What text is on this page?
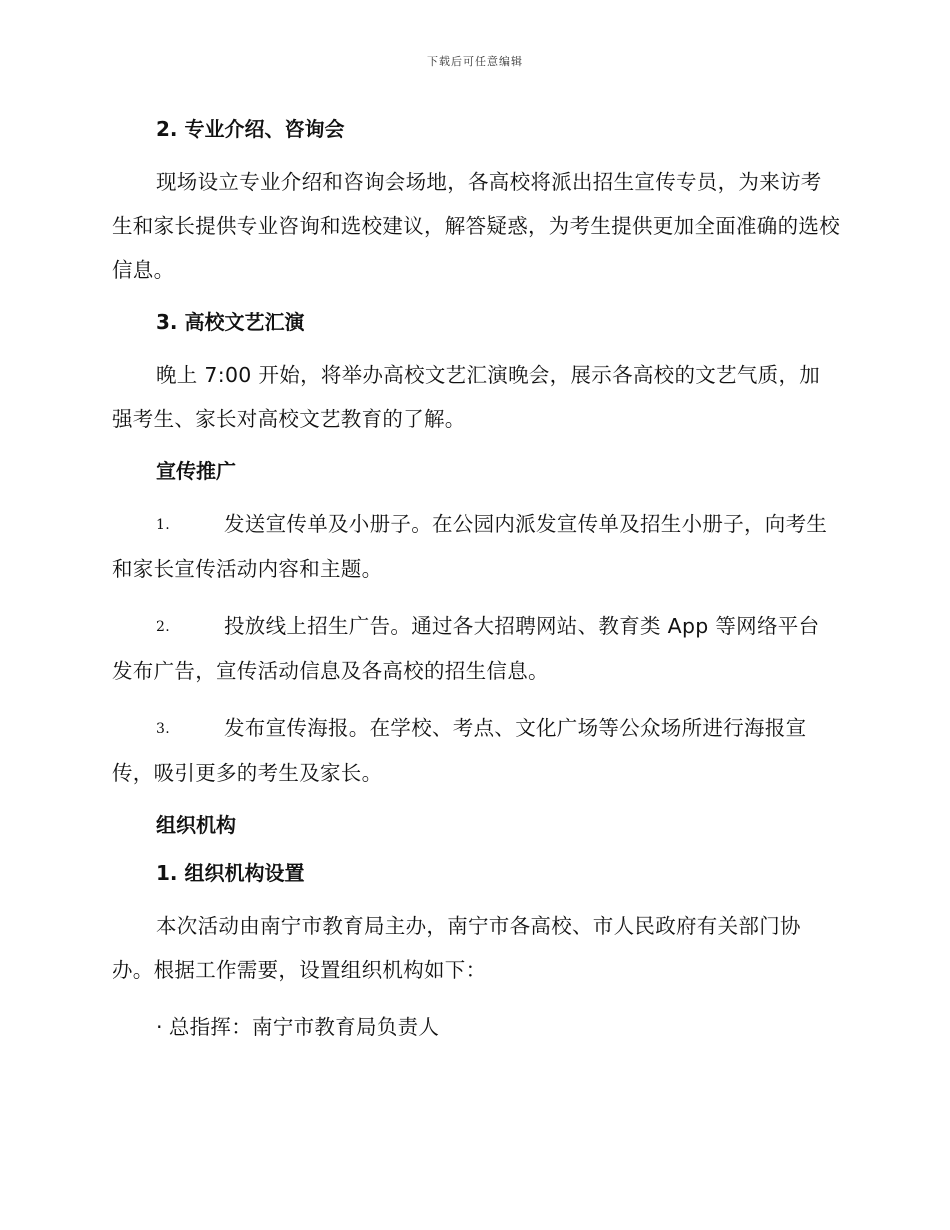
下载后可任意编辑
2. 专业介绍、咨询会
现场设立专业介绍和咨询会场地，各高校将派出招生宣传专员，为来访考生和家长提供专业咨询和选校建议，解答疑惑，为考生提供更加全面准确的选校信息。
3. 高校文艺汇演
晚上 7:00 开始，将举办高校文艺汇演晚会，展示各高校的文艺气质，加强考生、家长对高校文艺教育的了解。
宣传推广
1.	发送宣传单及小册子。在公园内派发宣传单及招生小册子，向考生和家长宣传活动内容和主题。
2.	投放线上招生广告。通过各大招聘网站、教育类 App 等网络平台发布广告，宣传活动信息及各高校的招生信息。
3.	发布宣传海报。在学校、考点、文化广场等公众场所进行海报宣传，吸引更多的考生及家长。
组织机构
1. 组织机构设置
本次活动由南宁市教育局主办，南宁市各高校、市人民政府有关部门协办。根据工作需要，设置组织机构如下：
· 总指挥：南宁市教育局负责人
